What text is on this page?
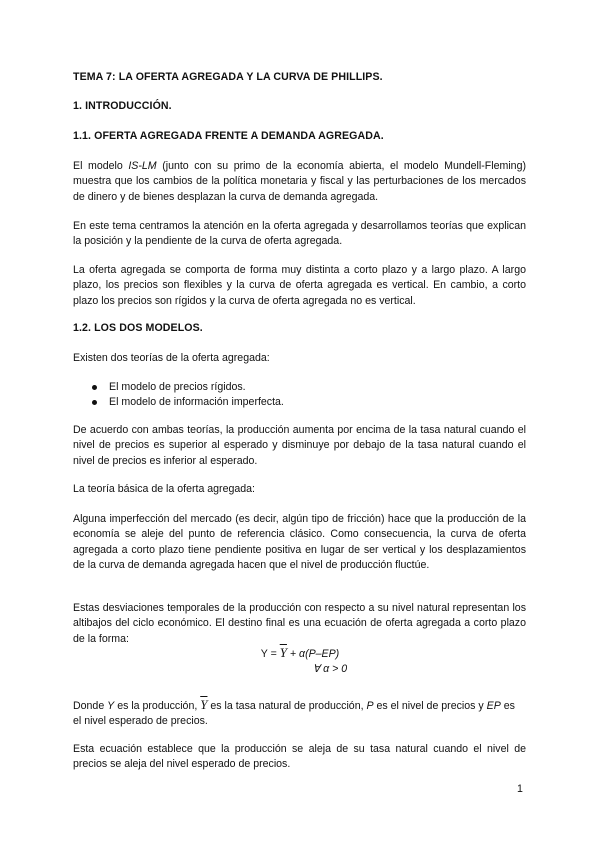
TEMA 7: LA OFERTA AGREGADA Y LA CURVA DE PHILLIPS.
1. INTRODUCCIÓN.
1.1. OFERTA AGREGADA FRENTE A DEMANDA AGREGADA.

El modelo IS-LM (junto con su primo de la economía abierta, el modelo Mundell-Fleming) muestra que los cambios de la política monetaria y fiscal y las perturbaciones de los mercados de dinero y de bienes desplazan la curva de demanda agregada.

En este tema centramos la atención en la oferta agregada y desarrollamos teorías que explican la posición y la pendiente de la curva de oferta agregada.

La oferta agregada se comporta de forma muy distinta a corto plazo y a largo plazo. A largo plazo, los precios son flexibles y la curva de oferta agregada es vertical. En cambio, a corto plazo los precios son rígidos y la curva de oferta agregada no es vertical.

1.2. LOS DOS MODELOS.

Existen dos teorías de la oferta agregada:

El modelo de precios rígidos.
El modelo de información imperfecta.

De acuerdo con ambas teorías, la producción aumenta por encima de la tasa natural cuando el nivel de precios es superior al esperado y disminuye por debajo de la tasa natural cuando el nivel de precios es inferior al esperado.

La teoría básica de la oferta agregada:

Alguna imperfección del mercado (es decir, algún tipo de fricción) hace que la producción de la economía se aleje del punto de referencia clásico. Como consecuencia, la curva de oferta agregada a corto plazo tiene pendiente positiva en lugar de ser vertical y los desplazamientos de la curva de demanda agregada hacen que el nivel de producción fluctúe.

Estas desviaciones temporales de la producción con respecto a su nivel natural representan los altibajos del ciclo económico. El destino final es una ecuación de oferta agregada a corto plazo de la forma:

$Y = \overline{Y} + \alpha(P-EP)$
∀ α > 0

Donde Y es la producción, $\overline{Y}$ es la tasa natural de producción, P es el nivel de precios y EP es el nivel esperado de precios.

Esta ecuación establece que la producción se aleja de su tasa natural cuando el nivel de precios se aleja del nivel esperado de precios.

1
